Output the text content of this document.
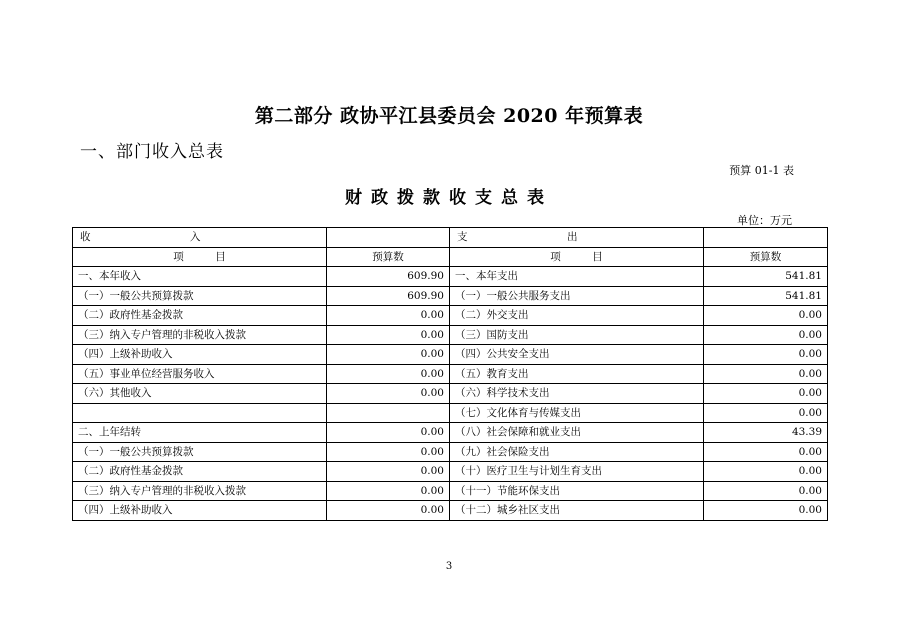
第二部分 政协平江县委员会 2020 年预算表
一、部门收入总表
预算 01-1 表
财政拨款收支总表
单位：万元
收 入		支 出	
项    目	预算数	项    目	预算数
一、本年收入	609.90	一、本年支出	541.81
（一）一般公共预算拨款	609.90	（一）一般公共服务支出	541.81
（二）政府性基金拨款	0.00	（二）外交支出	0.00
（三）纳入专户管理的非税收入拨款	0.00	（三）国防支出	0.00
（四）上级补助收入	0.00	（四）公共安全支出	0.00
（五）事业单位经营服务收入	0.00	（五）教育支出	0.00
（六）其他收入	0.00	（六）科学技术支出	0.00
		（七）文化体育与传媒支出	0.00
二、上年结转	0.00	（八）社会保障和就业支出	43.39
（一）一般公共预算拨款	0.00	（九）社会保险支出	0.00
（二）政府性基金拨款	0.00	（十）医疗卫生与计划生育支出	0.00
（三）纳入专户管理的非税收入拨款	0.00	（十一）节能环保支出	0.00
（四）上级补助收入	0.00	（十二）城乡社区支出	0.00
3
